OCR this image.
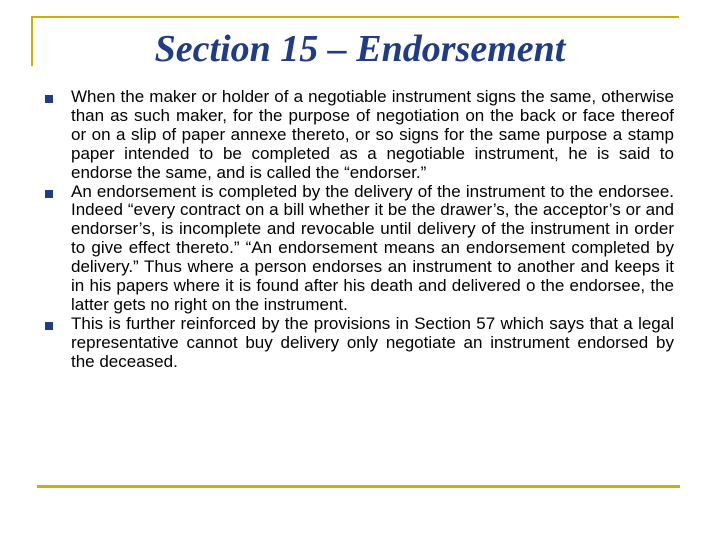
Section 15 – Endorsement
When the maker or holder of a negotiable instrument signs the same, otherwise than as such maker, for the purpose of negotiation on the back or face thereof or on a slip of paper annexe thereto, or so signs for the same purpose a stamp paper intended to be completed as a negotiable instrument, he is said to endorse the same, and is called the “endorser.”
An endorsement is completed by the delivery of the instrument to the endorsee. Indeed “every contract on a bill whether it be the drawer’s, the acceptor’s or and endorser’s, is incomplete and revocable until delivery of the instrument in order to give effect thereto.” “An endorsement means an endorsement completed by delivery.” Thus where a person endorses an instrument to another and keeps it in his papers where it is found after his death and delivered o the endorsee, the latter gets no right on the instrument.
This is further reinforced by the provisions in Section 57 which says that a legal representative cannot buy delivery only negotiate an instrument endorsed by the deceased.
